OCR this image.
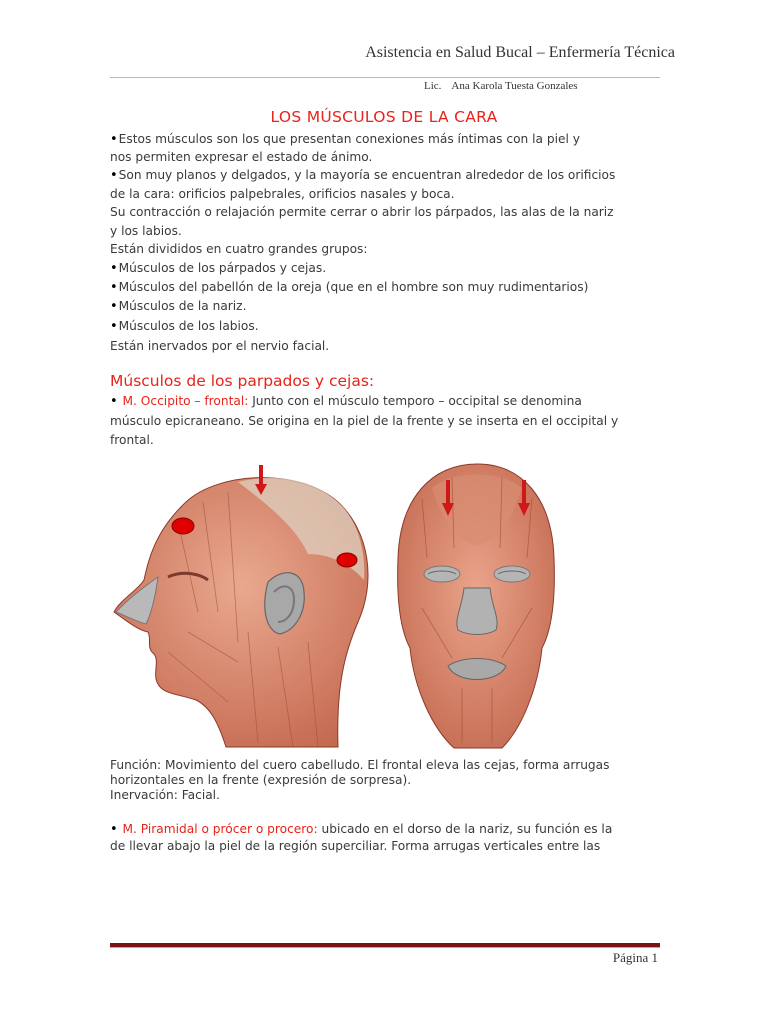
Asistencia en Salud Bucal – Enfermería Técnica
Lic. Ana Karola Tuesta Gonzales
LOS MÚSCULOS DE LA CARA
• Estos músculos son los que presentan conexiones más íntimas con la piel y
nos permiten expresar el estado de ánimo.
• Son muy planos y delgados, y la mayoría se encuentran alrededor de los orificios
de la cara: orificios palpebrales, orificios nasales y boca.
Su contracción o relajación permite cerrar o abrir los párpados, las alas de la nariz
y los labios.
Están divididos en cuatro grandes grupos:
• Músculos de los párpados y cejas.
• Músculos del pabellón de la oreja (que en el hombre son muy rudimentarios)
• Músculos de la nariz.
• Músculos de los labios.
Están inervados por el nervio facial.
Músculos de los parpados y cejas:
• M. Occipito – frontal: Junto con el músculo temporo – occipital se denomina
músculo epicraneano. Se origina en la piel de la frente y se inserta en el occipital y
frontal.
Función: Movimiento del cuero cabelludo. El frontal eleva las cejas, forma arrugas
horizontales en la frente (expresión de sorpresa).
Inervación: Facial.
• M. Piramidal o prócer o procero: ubicado en el dorso de la nariz, su función es la
de llevar abajo la piel de la región superciliar. Forma arrugas verticales entre las
Página 1
